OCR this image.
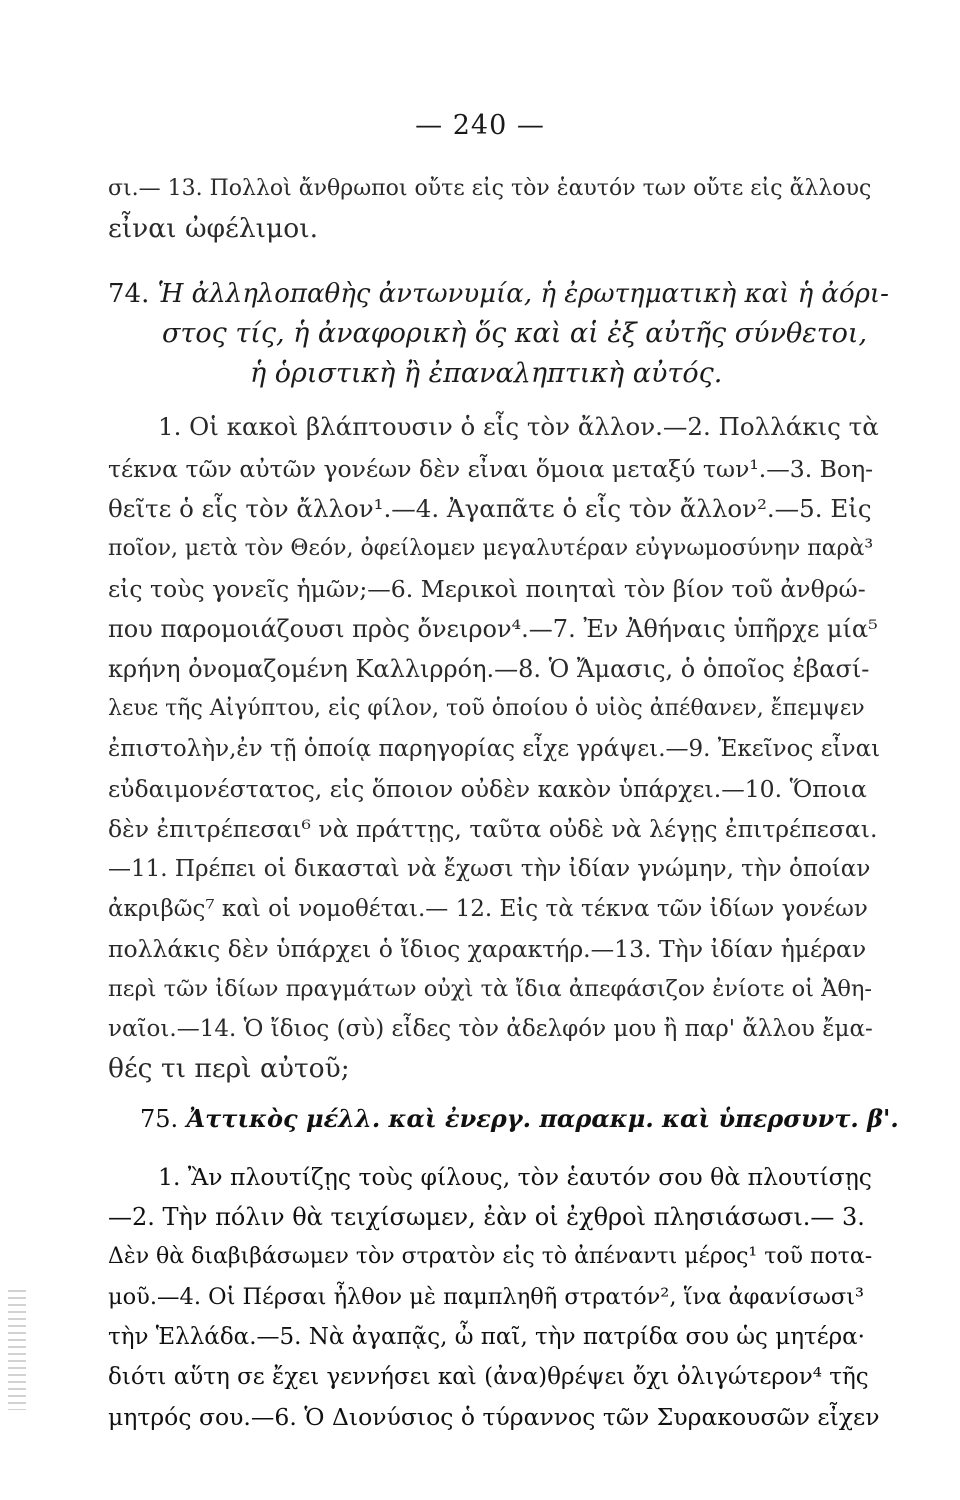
— 240 —
σι.— 13. Πολλοὶ ἄνθρωποι οὔτε εἰς τὸν ἑαυτόν των οὔτε εἰς ἄλλους
εἶναι ὠφέλιμοι.
74. Ἡ ἀλληλοπαθὴς ἀντωνυμία, ἡ ἐρωτηματικὴ καὶ ἡ ἀόρι-
στος τίς, ἡ ἀναφορικὴ ὅς καὶ αἱ ἐξ αὐτῆς σύνθετοι,
ἡ ὁριστικὴ ἢ ἐπαναληπτικὴ αὐτός.
1. Οἱ κακοὶ βλάπτουσιν ὁ εἷς τὸν ἄλλον.—2. Πολλάκις τὰ
τέκνα τῶν αὐτῶν γονέων δὲν εἶναι ὅμοια μεταξύ των¹.—3. Βοη-
θεῖτε ὁ εἷς τὸν ἄλλον¹.—4. Ἀγαπᾶτε ὁ εἷς τὸν ἄλλον².—5. Εἰς
ποῖον, μετὰ τὸν Θεόν, ὀφείλομεν μεγαλυτέραν εὐγνωμοσύνην παρὰ³
εἰς τοὺς γονεῖς ἡμῶν;—6. Μερικοὶ ποιηταὶ τὸν βίον τοῦ ἀνθρώ-
που παρομοιάζουσι πρὸς ὄνειρον⁴.—7. Ἐν Ἀθήναις ὑπῆρχε μία⁵
κρήνη ὀνομαζομένη Καλλιρρόη.—8. Ὁ Ἄμασις, ὁ ὁποῖος ἐβασί-
λευε τῆς Αἰγύπτου, εἰς φίλον, τοῦ ὁποίου ὁ υἱὸς ἀπέθανεν, ἔπεμψεν
ἐπιστολὴν,ἐν τῇ ὁποίᾳ παρηγορίας εἶχε γράψει.—9. Ἐκεῖνος εἶναι
εὐδαιμονέστατος, εἰς ὅποιον οὐδὲν κακὸν ὑπάρχει.—10. Ὅποια
δὲν ἐπιτρέπεσαι⁶ νὰ πράττῃς, ταῦτα οὐδὲ νὰ λέγῃς ἐπιτρέπεσαι.
—11. Πρέπει οἱ δικασταὶ νὰ ἔχωσι τὴν ἰδίαν γνώμην, τὴν ὁποίαν
ἀκριβῶς⁷ καὶ οἱ νομοθέται.— 12. Εἰς τὰ τέκνα τῶν ἰδίων γονέων
πολλάκις δὲν ὑπάρχει ὁ ἴδιος χαρακτήρ.—13. Τὴν ἰδίαν ἡμέραν
περὶ τῶν ἰδίων πραγμάτων οὐχὶ τὰ ἴδια ἀπεφάσιζον ἐνίοτε οἱ Ἀθη-
ναῖοι.—14. Ὁ ἴδιος (σὺ) εἶδες τὸν ἀδελφόν μου ἢ παρ' ἄλλου ἔμα-
θές τι περὶ αὐτοῦ;
75. Ἀττικὸς μέλλ. καὶ ἐνεργ. παρακμ. καὶ ὑπερσυντ. β'.
1. Ἂν πλουτίζῃς τοὺς φίλους, τὸν ἑαυτόν σου θὰ πλουτίσῃς
—2. Τὴν πόλιν θὰ τειχίσωμεν, ἐὰν οἱ ἐχθροὶ πλησιάσωσι.— 3.
Δὲν θὰ διαβιβάσωμεν τὸν στρατὸν εἰς τὸ ἀπέναντι μέρος¹ τοῦ ποτα-
μοῦ.—4. Οἱ Πέρσαι ἦλθον μὲ παμπληθῆ στρατόν², ἵνα ἀφανίσωσι³
τὴν Ἑλλάδα.—5. Νὰ ἀγαπᾷς, ὦ παῖ, τὴν πατρίδα σου ὡς μητέρα·
διότι αὕτη σε ἔχει γεννήσει καὶ (ἀνα)θρέψει ὄχι ὀλιγώτερον⁴ τῆς
μητρός σου.—6. Ὁ Διονύσιος ὁ τύραννος τῶν Συρακουσῶν εἶχεν
